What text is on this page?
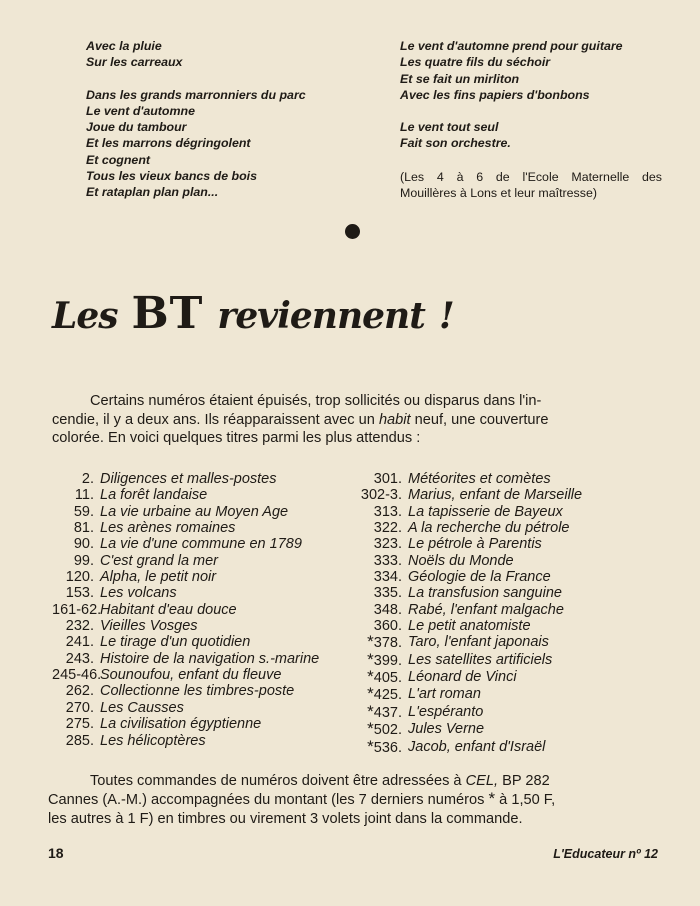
Avec la pluie
Sur les carreaux
Dans les grands marronniers du parc
Le vent d'automne
Joue du tambour
Et les marrons dégringolent
Et cognent
Tous les vieux bancs de bois
Et rataplan plan plan...
Le vent d'automne prend pour guitare
Les quatre fils du séchoir
Et se fait un mirliton
Avec les fins papiers d'bonbons
Le vent tout seul
Fait son orchestre.
(Les 4 à 6 de l'Ecole Maternelle des
Mouillères à Lons et leur maîtresse)
Les BT reviennent !
Certains numéros étaient épuisés, trop sollicités ou disparus dans l'in-
cendie, il y a deux ans. Ils réapparaissent avec un habit neuf, une couverture
colorée. En voici quelques titres parmi les plus attendus :
2. Diligences et malles-postes
11. La forêt landaise
59. La vie urbaine au Moyen Age
81. Les arènes romaines
90. La vie d'une commune en 1789
99. C'est grand la mer
120. Alpha, le petit noir
153. Les volcans
161-62.
Habitant d'eau douce
232. Vieilles Vosges
241. Le tirage d'un quotidien
243. Histoire de la navigation s.-marine
245-46.
Sounoufou, enfant du fleuve
262. Collectionne les timbres-poste
270. Les Causses
275. La civilisation égyptienne
285. Les hélicoptères
301. Météorites et comètes
302-3. Marius, enfant de Marseille
313. La tapisserie de Bayeux
322. A la recherche du pétrole
323. Le pétrole à Parentis
333. Noëls du Monde
334. Géologie de la France
335. La transfusion sanguine
348. Rabé, l'enfant malgache
360. Le petit anatomiste
*378. Taro, l'enfant japonais
*399. Les satellites artificiels
*405. Léonard de Vinci
*425. L'art roman
*437. L'espéranto
*502. Jules Verne
*536. Jacob, enfant d'Israël
Toutes commandes de numéros doivent être adressées à CEL, BP 282
Cannes (A.-M.) accompagnées du montant (les 7 derniers numéros * à 1,50 F,
les autres à 1 F) en timbres ou virement 3 volets joint dans la commande.
18	L'Educateur nº 12
